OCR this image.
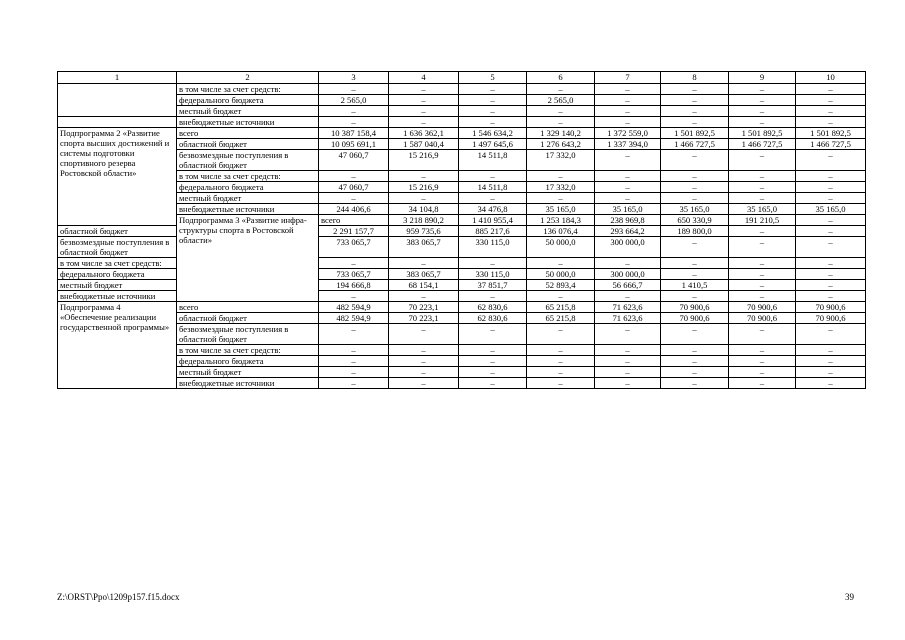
1	2	3	4	5	6	7	8	9	10	
	в том числе за счет средств:	–	–	–	–	–	–	–	–	
	федерального бюджета	2 565,0	–	–	2 565,0	–	–	–	–	
	местный бюджет	–	–	–	–	–	–	–	–	
	внебюджетные источники	–	–	–	–	–	–	–	–	
Подпрограмма 2 «Развитие спорта высших достижений и системы подготовки спортивного резерва Ростовской области»	всего	10 387 158,4	1 636 362,1	1 546 634,2	1 329 140,2	1 372 559,0	1 501 892,5	1 501 892,5	1 501 892,5	
	областной бюджет	10 095 691,1	1 587 040,4	1 497 645,6	1 276 643,2	1 337 394,0	1 466 727,5	1 466 727,5	1 466 727,5	
	безвозмездные поступления в областной бюджет	47 060,7	15 216,9	14 511,8	17 332,0	–	–	–	–	
	в том числе за счет средств:	–	–	–	–	–	–	–	–	
	федерального бюджета	47 060,7	15 216,9	14 511,8	17 332,0	–	–	–	–	
	местный бюджет	–	–	–	–	–	–	–	–	
	внебюджетные источники	244 406,6	34 104,8	34 476,8	35 165,0	35 165,0	35 165,0	35 165,0	35 165,0	
	Подпрограмма 3 «Развитие инфра-структуры спорта в Ростовской области»	всего	3 218 890,2	1 410 955,4	1 253 184,3	238 969,8	650 330,9	191 210,5	–	
областной бюджет		2 291 157,7	959 735,6	885 217,6	136 076,4	293 664,2	189 800,0	–	–	
безвозмездные поступления в областной бюджет		733 065,7	383 065,7	330 115,0	50 000,0	300 000,0	–	–	–	
в том числе за счет средств:		–	–	–	–	–	–	–	–	
федерального бюджета		733 065,7	383 065,7	330 115,0	50 000,0	300 000,0	–	–	–	
местный бюджет		194 666,8	68 154,1	37 851,7	52 893,4	56 666,7	1 410,5	–	–	
внебюджетные источники		–	–	–	–	–	–	–	–	
Подпрограмма 4 «Обеспечение реализации государственной программы»	всего	482 594,9	70 223,1	62 830,6	65 215,8	71 623,6	70 900,6	70 900,6	70 900,6	
	областной бюджет	482 594,9	70 223,1	62 830,6	65 215,8	71 623,6	70 900,6	70 900,6	70 900,6	
	безвозмездные поступления в областной бюджет	–	–	–	–	–	–	–	–	
	в том числе за счет средств:	–	–	–	–	–	–	–	–	
	федерального бюджета	–	–	–	–	–	–	–	–	
	местный бюджет	–	–	–	–	–	–	–	–	
	внебюджетные источники	–	–	–	–	–	–	–	–	
Z:\ORST\Ppo\1209p157.f15.docx	39
